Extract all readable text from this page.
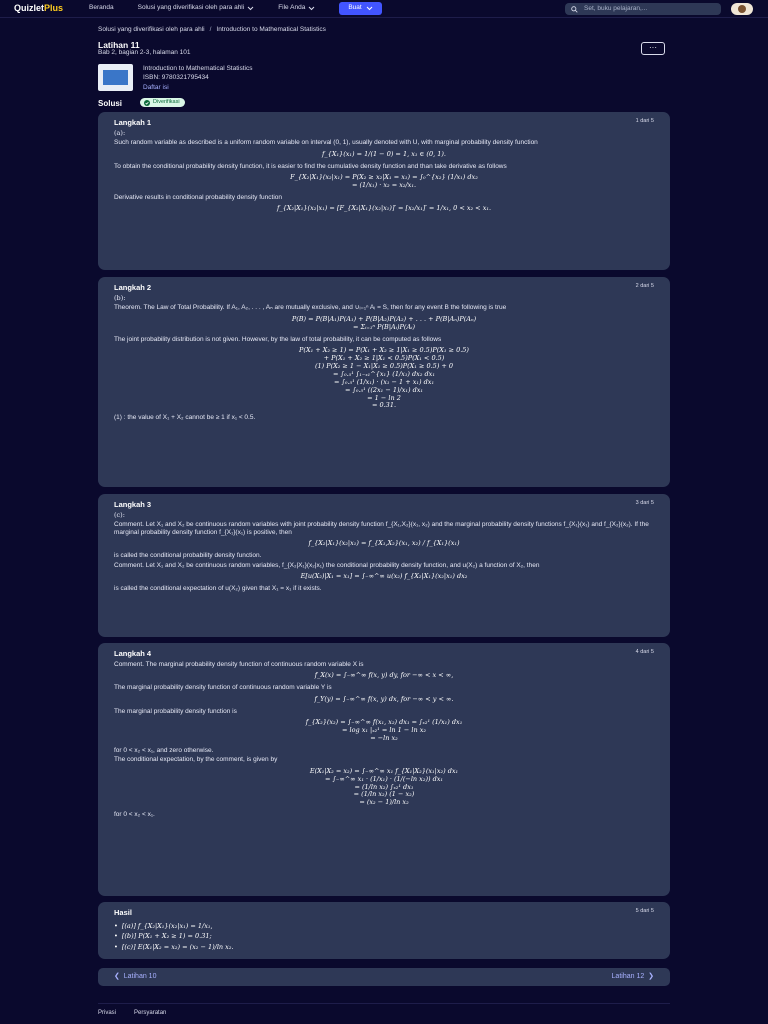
QuizletPlus	Beranda	Solusi yang diverifikasi oleh para ahli	File Anda	Buat	Set, buku pelajaran,...
Solusi yang diverifikasi oleh para ahli / Introduction to Mathematical Statistics
Latihan 11
Bab 2, bagian 2-3, halaman 101
···
Introduction to Mathematical Statistics
ISBN: 9780321795434
Daftar isi
Solusi	Diverifikasi
Langkah 1	1 dari 5

(a):

Such random variable as described is a uniform random variable on interval (0, 1), usually denoted with U, with marginal probability density function

f_{X₁}(x₁) = 1/(1 − 0) = 1, x₁ ∈ (0, 1).

To obtain the conditional probability density function, it is easier to find the cumulative density function and than take derivative as follows

F_{X₂|X₁}(x₂|x₁) = P(X₂ ≥ x₂|X₁ = x₁) = ∫₀^{x₂} (1/x₁) dx₂
= (1/x₁) · x₂ = x₂/x₁.

Derivative results in conditional probability density function

f_{X₂|X₁}(x₂|x₁) = [F_{X₂|X₁}(x₂|x₁)]′ = [x₂/x₁]′ = 1/x₁, 0 < x₂ < x₁.
Langkah 2	2 dari 5

(b):

Theorem. The Law of Total Probability. If A₁, A₂, . . . , Aₙ are mutually exclusive, and ∪ᵢ₌₁ⁿ Aᵢ = S, then for any event B the following is true

P(B) = P(B|A₁)P(A₁) + P(B|A₂)P(A₂) + . . . + P(B|Aₙ)P(Aₙ)
= Σᵢ₌₁ⁿ P(B|Aᵢ)P(Aᵢ)

The joint probability distribution is not given. However, by the law of total probability, it can be computed as follows

P(X₁ + X₂ ≥ 1) = P(X₁ + X₂ ≥ 1|X₁ ≥ 0.5)P(X₁ ≥ 0.5)
+ P(X₁ + X₂ ≥ 1|X₁ < 0.5)P(X₁ < 0.5)
(1) P(X₂ ≥ 1 − X₁|X₁ ≥ 0.5)P(X₁ ≥ 0.5) + 0
= ∫₀.₅¹ ∫₁₋ₓ₁^{x₁} (1/x₁) dx₂ dx₁
= ∫₀.₅¹ (1/x₁) · (x₁ − 1 + x₁) dx₁
= ∫₀.₅¹ ((2x₁ − 1)/x₁) dx₁
= 1 − ln 2
= 0.31.

(1) : the value of X₁ + X₂ cannot be ≥ 1 if x₁ < 0.5.

Langkah 3	3 dari 5

(c):

Comment. Let X₁ and X₂ be continuous random variables with joint probability density function f_{X₁,X₂}(x₁, x₂) and the marginal probability density functions f_{X₁}(x₁) and f_{X₂}(x₂). If the marginal probability density function f_{X₁}(x₁) is positive, then

f_{X₂|X₁}(x₂|x₁) = f_{X₁,X₂}(x₁, x₂) / f_{X₁}(x₁)

is called the conditional probability density function.

Comment. Let X₁ and X₂ be continuous random variables, f_{X₂|X₁}(x₂|x₁) the conditional probability density function, and u(X₂) a function of X₂, then

E[u(X₂)|X₁ = x₁] = ∫₋∞^∞ u(x₂) f_{X₂|X₁}(x₂|x₁) dx₂

is called the conditional expectation of u(X₂) given that X₁ = x₁ if it exists.

Langkah 4	4 dari 5

Comment. The marginal probability density function of continuous random variable X is

f_X(x) = ∫₋∞^∞ f(x, y) dy, for −∞ < x < ∞,

The marginal probability density function of continuous random variable Y is

f_Y(y) = ∫₋∞^∞ f(x, y) dx, for −∞ < y < ∞.

The marginal probability density function is

f_{X₂}(x₂) = ∫₋∞^∞ f(x₁, x₂) dx₁ = ∫ₓ₂¹ (1/x₁) dx₁
= log x₁ |ₓ₂¹ = ln 1 − ln x₂
= −ln x₂

for 0 < x₂ < x₁, and zero otherwise.

The conditional expectation, by the comment, is given by

E(X₁|X₂ = x₂) = ∫₋∞^∞ x₁ f_{X₁|X₂}(x₁|x₂) dx₁
= ∫₋∞^∞ x₁ · (1/x₁) · (1/(−ln x₂)) dx₁
= (1/ln x₂) ∫ₓ₂¹ dx₁
= (1/ln x₂) (1 − x₂)
= (x₂ − 1)/ln x₂

for 0 < x₂ < x₁.

Hasil	5 dari 5
• [(a)] f_{X₂|X₁}(x₂|x₁) = 1/x₁,
• [(b)] P(X₁ + X₂ ≥ 1) = 0.31;
• [(c)] E(X₁|X₂ = x₂) = (x₂ − 1)/ln x₂.
❮ Latihan 10	Latihan 12 ❯
Privasi	Persyaratan
